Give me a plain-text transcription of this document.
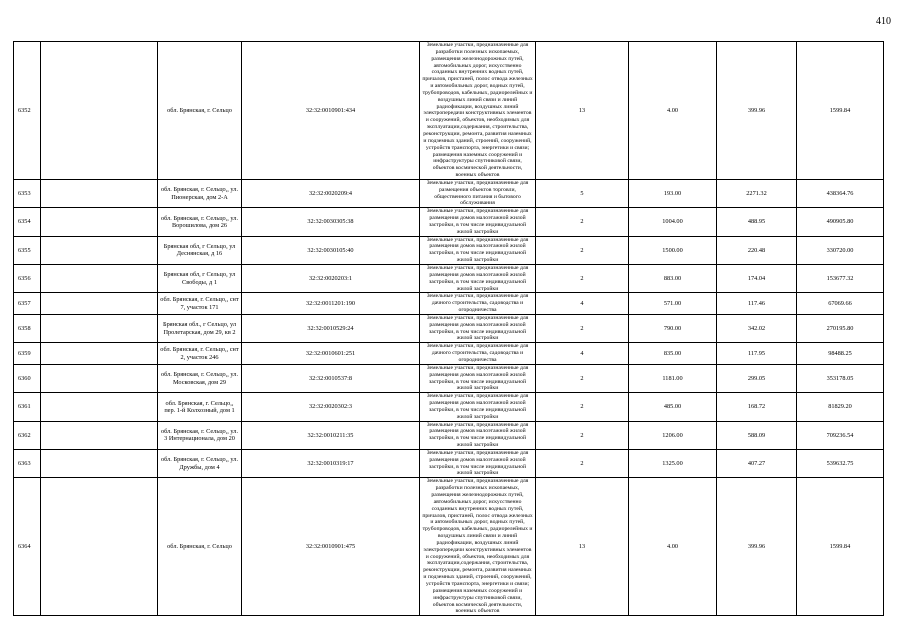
410
6352		обл. Брянская, г. Сельцо	32:32:0010901:434	Земельные участки, предназначенные для разработки полезных ископаемых, размещения железнодорожных путей, автомобильных дорог, искусственно созданных внутренних водных путей, причалов, пристаней, полос отвода железных и автомобильных дорог, водных путей, трубопроводов, кабельных, радиорелейных и воздушных линий связи и линий радиофикации, воздушных линий электропередачи конструктивных элементов и сооружений, объектов, необходимых для эксплуатации,содержания, строительства, реконструкции, ремонта, развития наземных и подземных зданий, строений, сооружений, устройств транспорта, энергетики и связи; размещения наземных сооружений и инфраструктуры спутниковой связи, объектов космической деятельности, военных объектов	13	4.00	399.96	1599.84
6353		обл. Брянская, г. Сельцо,, ул. Пионерская, дом 2-А	32:32:0020209:4	Земельные участки, предназначенные для размещения объектов торговли, общественного питания и бытового обслуживания	5	193.00	2271.32	438364.76
6354		обл. Брянская, г. Сельцо,, ул. Ворошилова, дом 26	32:32:0030305:38	Земельные участки, предназначенные для размещения домов малоэтажной жилой застройки, в том числе индивидуальной жилой застройки	2	1004.00	488.95	490905.80
6355		Брянская обл, г Сельцо, ул Деснянская, д 16	32:32:0030105:40	Земельные участки, предназначенные для размещения домов малоэтажной жилой застройки, в том числе индивидуальной жилой застройки	2	1500.00	220.48	330720.00
6356		Брянская обл, г Сельцо, ул Свободы, д 1	32:32:0020203:1	Земельные участки, предназначенные для размещения домов малоэтажной жилой застройки, в том числе индивидуальной жилой застройки	2	883.00	174.04	153677.32
6357		обл. Брянская, г. Сельцо,, снт 7, участок 171	32:32:0011201:190	Земельные участки, предназначенные для дачного строительства, садоводства и огородничества	4	571.00	117.46	67069.66
6358		Брянская обл., г Сельцо, ул Пролетарская, дом 29, кв 2	32:32:0010529:24	Земельные участки, предназначенные для размещения домов малоэтажной жилой застройки, в том числе индивидуальной жилой застройки	2	790.00	342.02	270195.80
6359		обл. Брянская, г. Сельцо,, снт 2, участок 246	32:32:0010601:251	Земельные участки, предназначенные для дачного строительства, садоводства и огородничества	4	835.00	117.95	98488.25
6360		обл. Брянская, г. Сельцо,, ул. Московская, дом 29	32:32:0010537:8	Земельные участки, предназначенные для размещения домов малоэтажной жилой застройки, в том числе индивидуальной жилой застройки	2	1181.00	299.05	353178.05
6361		обл. Брянская, г. Сельцо,, пер. 1-й Колхозный, дом 1	32:32:0020302:3	Земельные участки, предназначенные для размещения домов малоэтажной жилой застройки, в том числе индивидуальной жилой застройки	2	485.00	168.72	81829.20
6362		обл. Брянская, г. Сельцо,, ул. 3 Интернационала, дом 20	32:32:0010211:35	Земельные участки, предназначенные для размещения домов малоэтажной жилой застройки, в том числе индивидуальной жилой застройки	2	1206.00	588.09	709236.54
6363		обл. Брянская, г. Сельцо,, ул. Дружбы, дом 4	32:32:0010319:17	Земельные участки, предназначенные для размещения домов малоэтажной жилой застройки, в том числе индивидуальной жилой застройки	2	1325.00	407.27	539632.75
6364		обл. Брянская, г. Сельцо	32:32:0010901:475	Земельные участки, предназначенные для разработки полезных ископаемых, размещения железнодорожных путей, автомобильных дорог, искусственно созданных внутренних водных путей, причалов, пристаней, полос отвода железных и автомобильных дорог, водных путей, трубопроводов, кабельных, радиорелейных и воздушных линий связи и линий радиофикации, воздушных линий электропередачи конструктивных элементов и сооружений, объектов, необходимых для эксплуатации,содержания, строительства, реконструкции, ремонта, развития наземных и подземных зданий, строений, сооружений, устройств транспорта, энергетики и связи; размещения наземных сооружений и инфраструктуры спутниковой связи, объектов космической деятельности, военных объектов	13	4.00	399.96	1599.84
